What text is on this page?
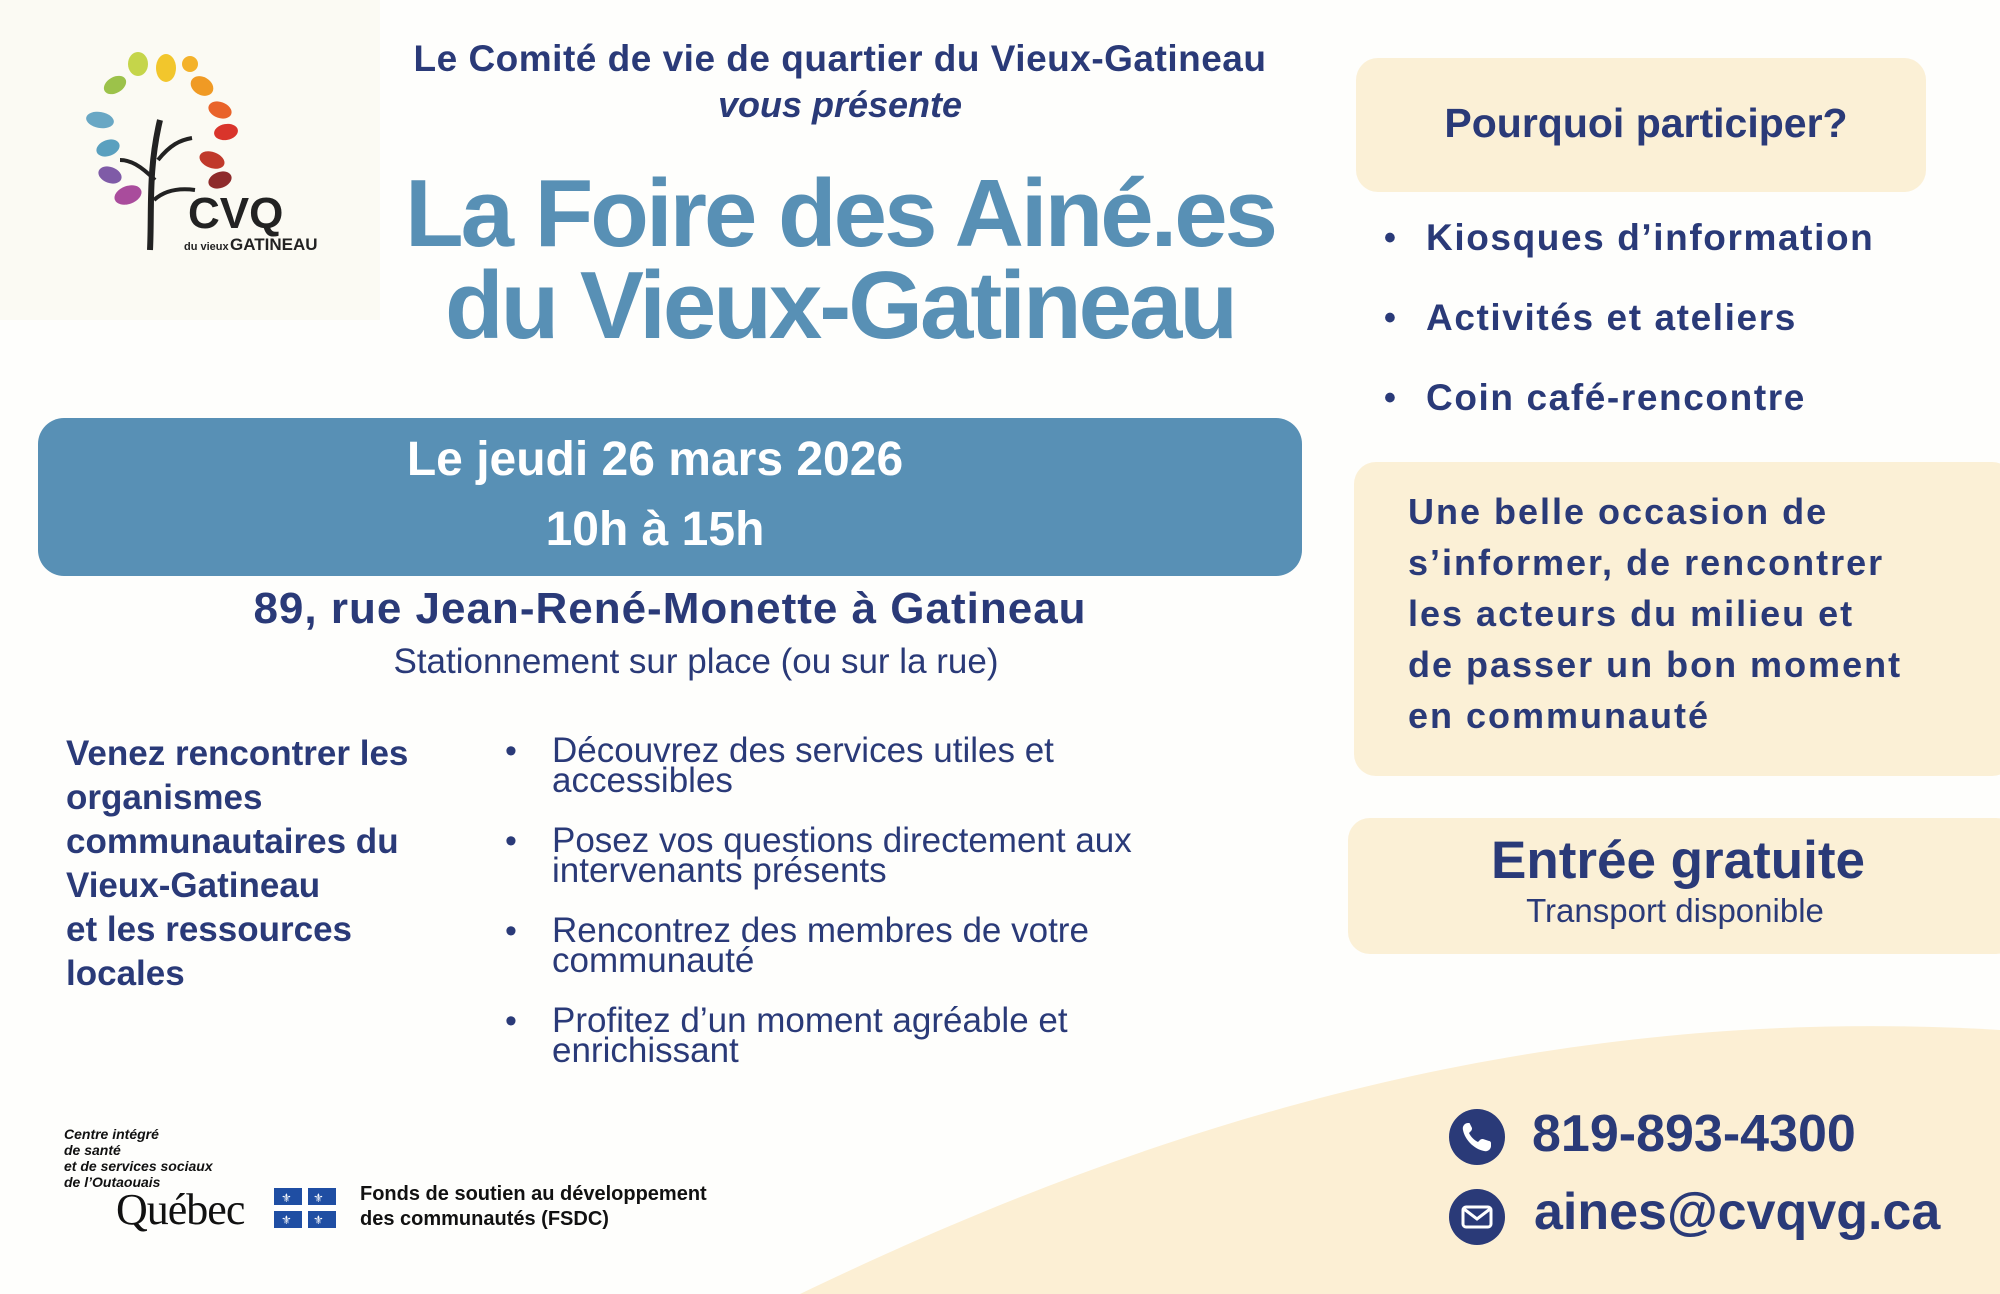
CVQ
du vieux GATINEAU
Le Comité de vie de quartier du Vieux-Gatineau
vous présente
La Foire des Ainé.es
du Vieux-Gatineau
Le jeudi 26 mars 2026
10h à 15h
89, rue Jean-René-Monette à Gatineau
Stationnement sur place (ou sur la rue)
Venez rencontrer les
organismes
communautaires du
Vieux-Gatineau
et les ressources
locales
• Découvrez des services utiles et
accessibles
• Posez vos questions directement aux
intervenants présents
• Rencontrez des membres de votre
communauté
• Profitez d’un moment agréable et
enrichissant
Pourquoi participer?
• Kiosques d’information
• Activités et ateliers
• Coin café-rencontre
Une belle occasion de
s’informer, de rencontrer
les acteurs du milieu et
de passer un bon moment
en communauté
Entrée gratuite
Transport disponible
819-893-4300
aines@cvqvg.ca
Centre intégré
de santé
et de services sociaux
de l’Outaouais
Québec	⚜ ⚜
⚜ ⚜
Fonds de soutien au développement
des communautés (FSDC)
